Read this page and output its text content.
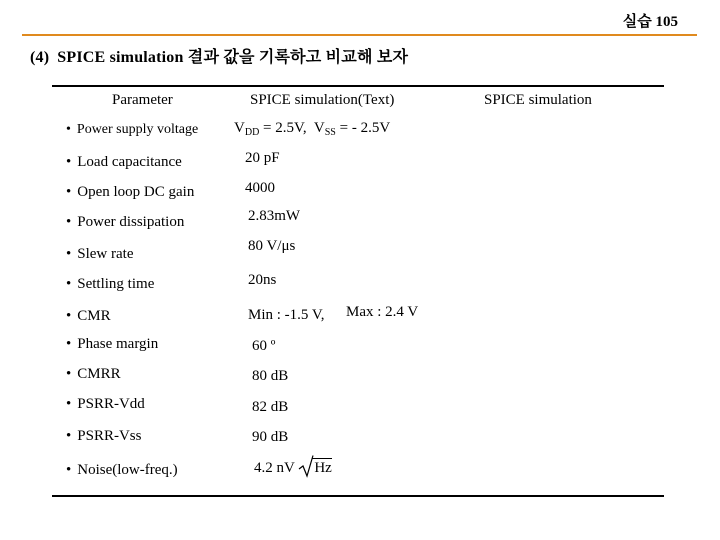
실습 105
(4) SPICE simulation 결과 값을 기록하고 비교해 보자
Parameter	SPICE simulation(Text)	SPICE simulation
• Power supply voltage
• Load capacitance
• Open loop DC gain
• Power dissipation
• Slew rate
• Settling time
• CMR
• Phase margin
• CMRR
• PSRR-Vdd
• PSRR-Vss
• Noise(low-freq.)
$V_{DD} = 2.5V$, $V_{SS}$ = - 2.5V
20 pF
4000
2.83mW
80 V/μs
20ns
Min : -1.5 V, Max : 2.4 V
60 º
80 dB
82 dB
90 dB
4.2 nV Hz
